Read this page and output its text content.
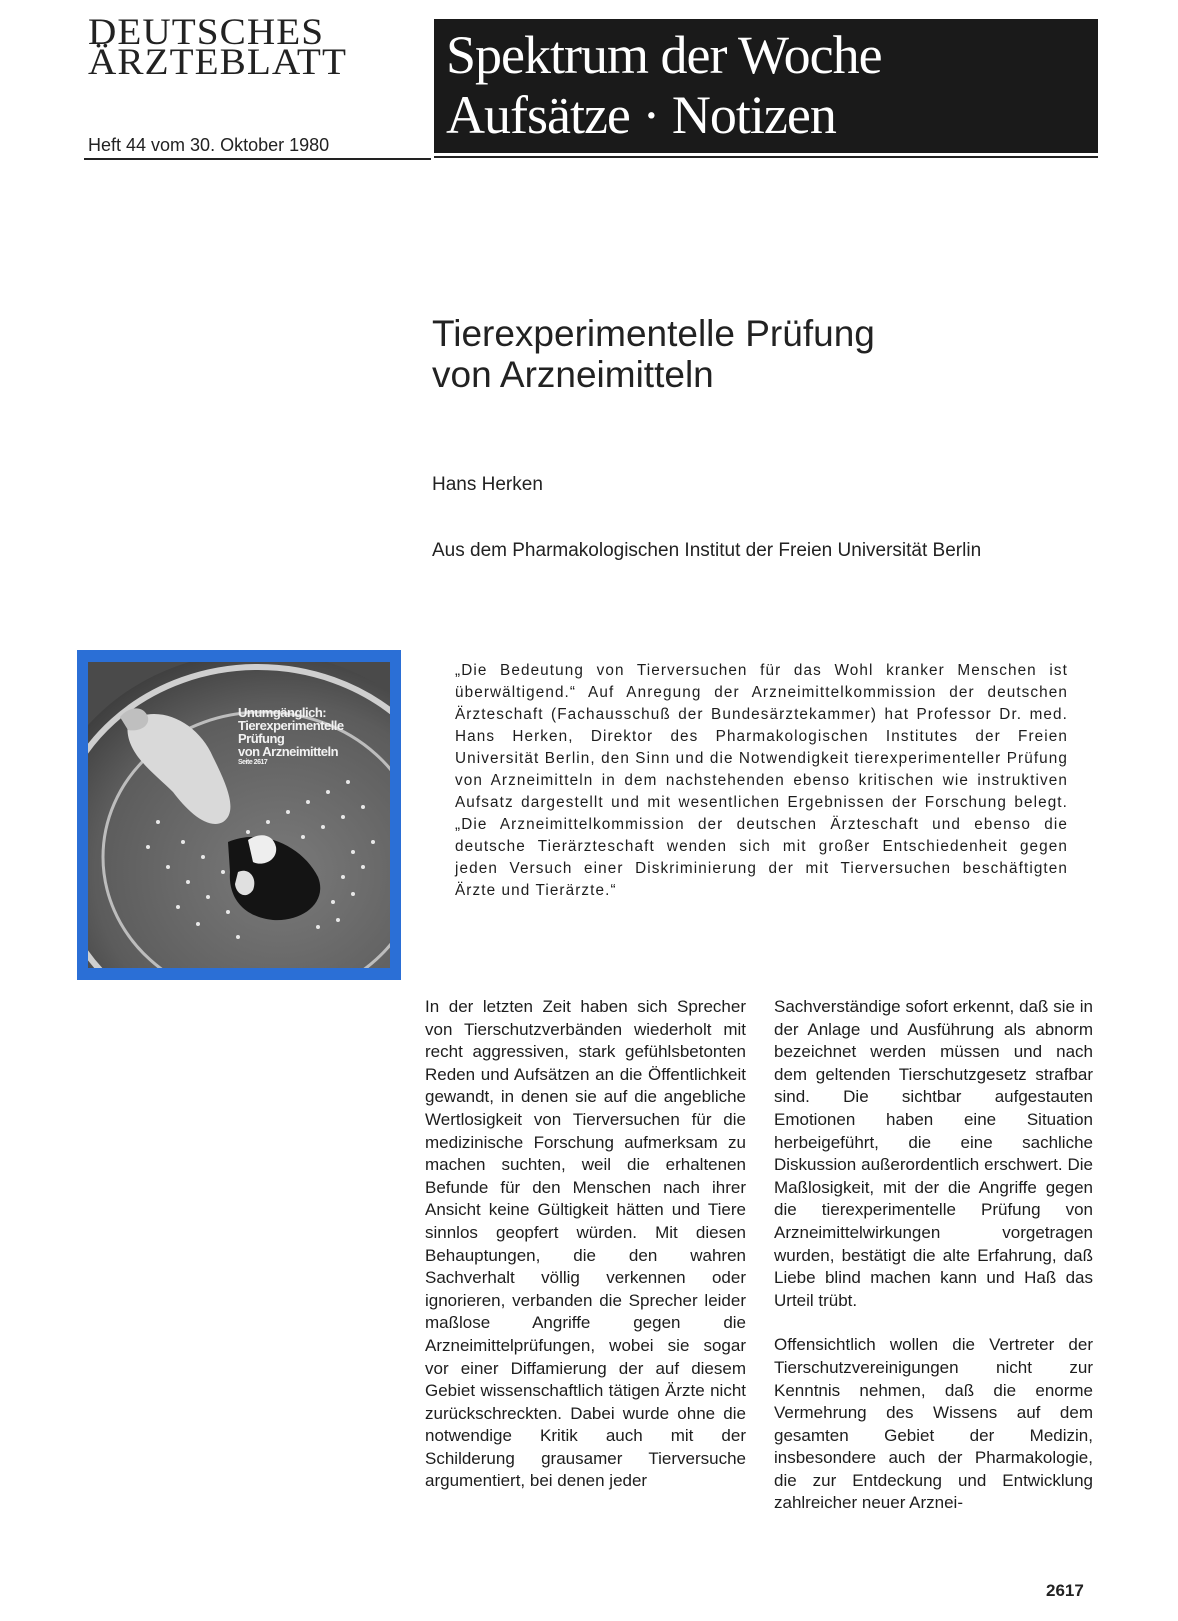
DEUTSCHES
ÄRZTEBLATT
Heft 44 vom 30. Oktober 1980
Spektrum der Woche
Aufsätze · Notizen
Tierexperimentelle Prüfung
von Arzneimitteln
Hans Herken
Aus dem Pharmakologischen Institut der Freien Universität Berlin
Unumgänglich:
Tierexperimentelle
Prüfung
von Arzneimitteln
Seite 2617
„Die Bedeutung von Tierversuchen für das Wohl kranker Menschen ist überwältigend.“ Auf Anregung der Arzneimittelkommission der deutschen Ärzteschaft (Fachausschuß der Bundesärztekammer) hat Professor Dr. med. Hans Herken, Direktor des Pharmakologischen Institutes der Freien Universität Berlin, den Sinn und die Notwendigkeit tierexperimenteller Prüfung von Arzneimitteln in dem nachstehenden ebenso kritischen wie instruktiven Aufsatz dargestellt und mit wesentlichen Ergebnissen der Forschung belegt. „Die Arzneimittelkommission der deutschen Ärzteschaft und ebenso die deutsche Tierärzteschaft wenden sich mit großer Entschiedenheit gegen jeden Versuch einer Diskriminierung der mit Tierversuchen beschäftigten Ärzte und Tierärzte.“

In der letzten Zeit haben sich Sprecher von Tierschutzverbänden wiederholt mit recht aggressiven, stark gefühlsbetonten Reden und Aufsätzen an die Öffentlichkeit gewandt, in denen sie auf die angebliche Wertlosigkeit von Tierversuchen für die medizinische Forschung aufmerksam zu machen suchten, weil die erhaltenen Befunde für den Menschen nach ihrer Ansicht keine Gültigkeit hätten und Tiere sinnlos geopfert würden. Mit diesen Behauptungen, die den wahren Sachverhalt völlig verkennen oder ignorieren, verbanden die Sprecher leider maßlose Angriffe gegen die Arzneimittelprüfungen, wobei sie sogar vor einer Diffamierung der auf diesem Gebiet wissenschaftlich tätigen Ärzte nicht zurückschreckten. Dabei wurde ohne die notwendige Kritik auch mit der Schilderung grausamer Tierversuche argumentiert, bei denen jeder

Sachverständige sofort erkennt, daß sie in der Anlage und Ausführung als abnorm bezeichnet werden müssen und nach dem geltenden Tierschutzgesetz strafbar sind. Die sichtbar aufgestauten Emotionen haben eine Situation herbeigeführt, die eine sachliche Diskussion außerordentlich erschwert. Die Maßlosigkeit, mit der die Angriffe gegen die tierexperimentelle Prüfung von Arzneimittelwirkungen vorgetragen wurden, bestätigt die alte Erfahrung, daß Liebe blind machen kann und Haß das Urteil trübt.

Offensichtlich wollen die Vertreter der Tierschutzvereinigungen nicht zur Kenntnis nehmen, daß die enorme Vermehrung des Wissens auf dem gesamten Gebiet der Medizin, insbesondere auch der Pharmakologie, die zur Entdeckung und Entwicklung zahlreicher neuer Arznei-

2617
